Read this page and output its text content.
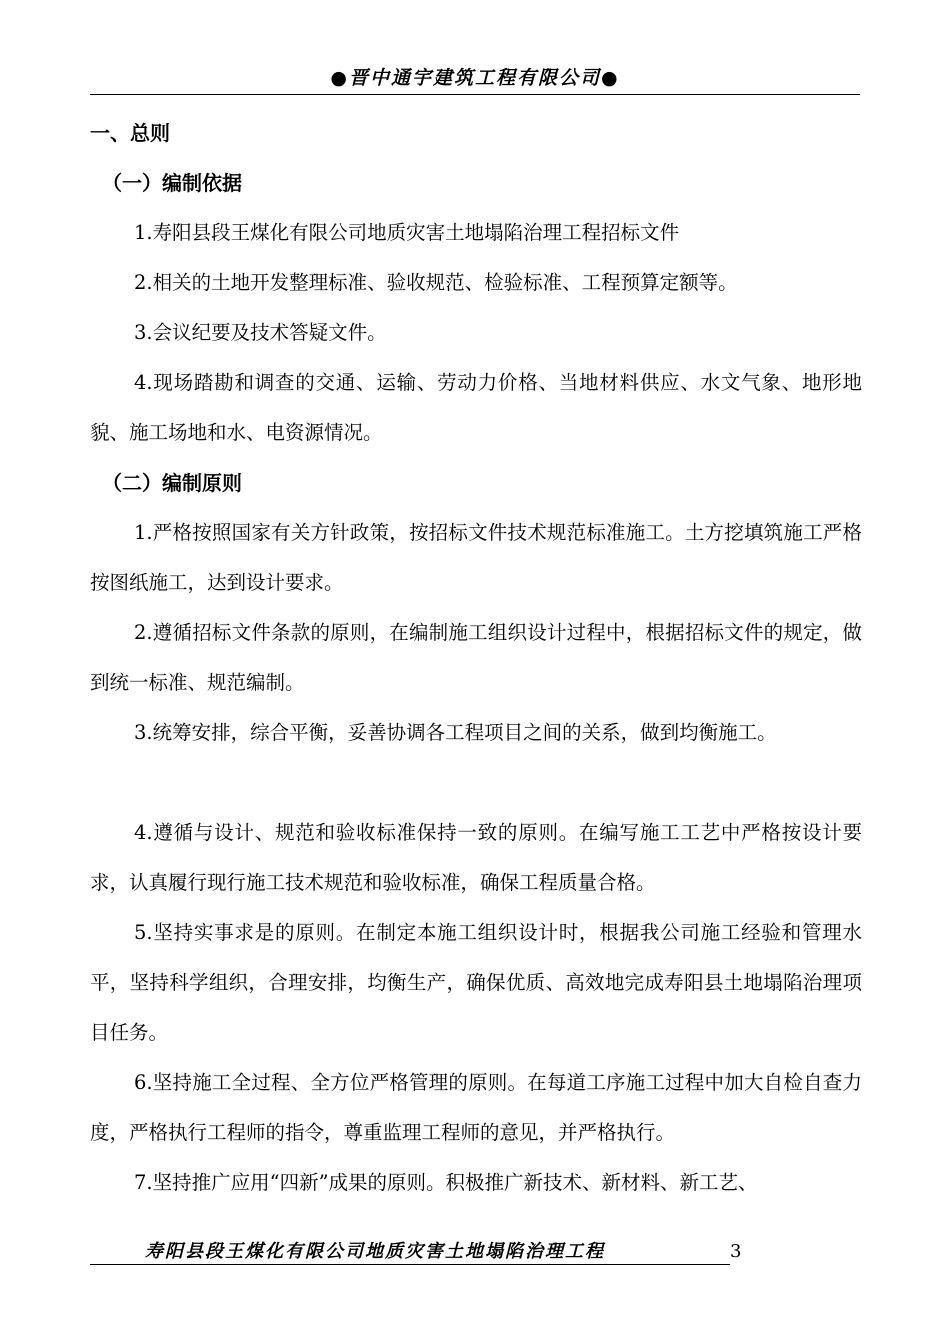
●晋中通宇建筑工程有限公司●
一、总则
（一）编制依据

1.寿阳县段王煤化有限公司地质灾害土地塌陷治理工程招标文件

2.相关的土地开发整理标准、验收规范、检验标准、工程预算定额等。

3.会议纪要及技术答疑文件。

4.现场踏勘和调查的交通、运输、劳动力价格、当地材料供应、水文气象、地形地貌、施工场地和水、电资源情况。

（二）编制原则

1.严格按照国家有关方针政策，按招标文件技术规范标准施工。土方挖填筑施工严格按图纸施工，达到设计要求。

2.遵循招标文件条款的原则，在编制施工组织设计过程中，根据招标文件的规定，做到统一标准、规范编制。

3.统筹安排，综合平衡，妥善协调各工程项目之间的关系，做到均衡施工。

4.遵循与设计、规范和验收标准保持一致的原则。在编写施工工艺中严格按设计要求，认真履行现行施工技术规范和验收标准，确保工程质量合格。

5.坚持实事求是的原则。在制定本施工组织设计时，根据我公司施工经验和管理水平，坚持科学组织，合理安排，均衡生产，确保优质、高效地完成寿阳县土地塌陷治理项目任务。

6.坚持施工全过程、全方位严格管理的原则。在每道工序施工过程中加大自检自查力度，严格执行工程师的指令，尊重监理工程师的意见，并严格执行。

7.坚持推广应用“四新”成果的原则。积极推广新技术、新材料、新工艺、

寿阳县段王煤化有限公司地质灾害土地塌陷治理工程	3
